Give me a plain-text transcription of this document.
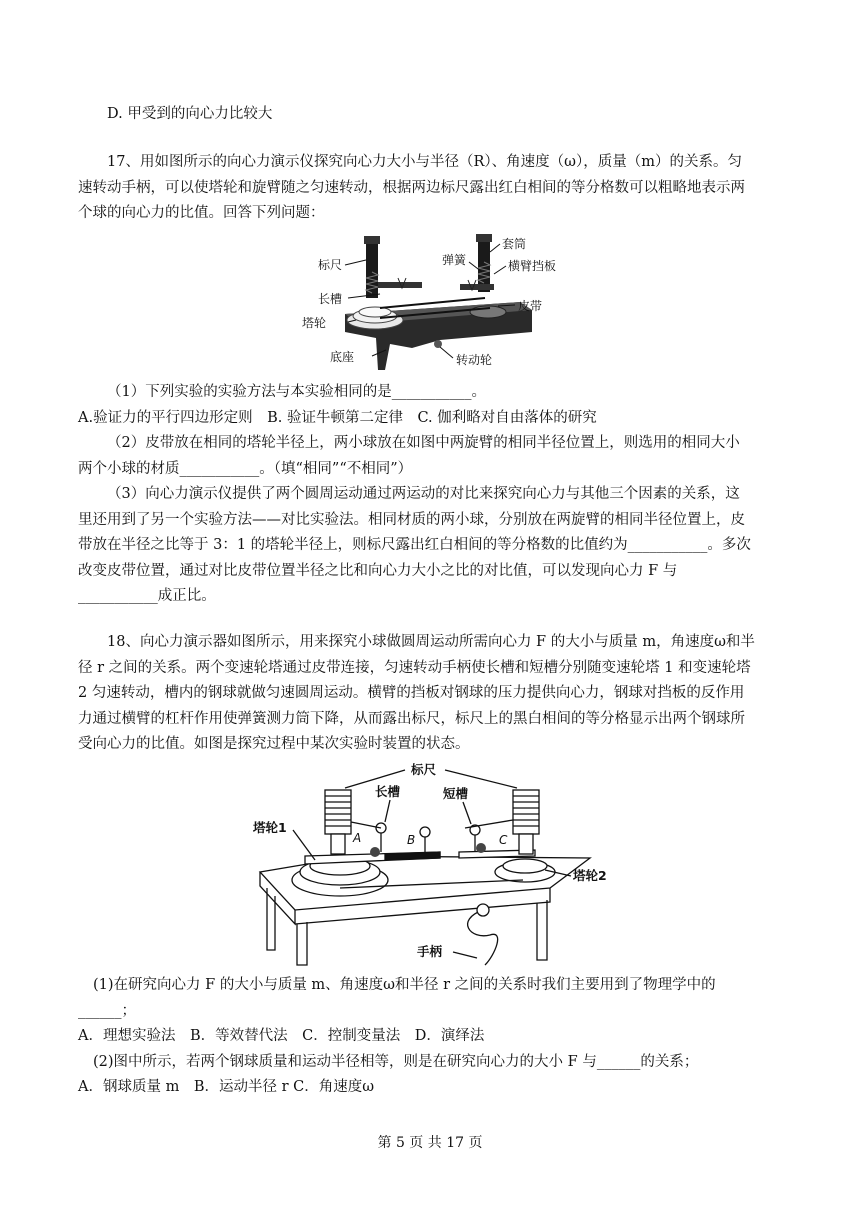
D. 甲受到的向心力比较大
17、用如图所示的向心力演示仪探究向心力大小与半径（R）、角速度（ω），质量（m）的关系。匀
速转动手柄，可以使塔轮和旋臂随之匀速转动，根据两边标尺露出红白相间的等分格数可以粗略地表示两
个球的向心力的比值。回答下列问题：
标尺
长槽
塔轮
底座
弹簧
套筒
横臂挡板
皮带
转动轮
（1）下列实验的实验方法与本实验相同的是___________。
A.验证力的平行四边形定则　B. 验证牛顿第二定律　C. 伽利略对自由落体的研究
（2）皮带放在相同的塔轮半径上，两小球放在如图中两旋臂的相同半径位置上，则选用的相同大小
两个小球的材质___________。（填“相同”“不相同”）
（3）向心力演示仪提供了两个圆周运动通过两运动的对比来探究向心力与其他三个因素的关系，这
里还用到了另一个实验方法——对比实验法。相同材质的两小球，分别放在两旋臂的相同半径位置上，皮
带放在半径之比等于 3：1 的塔轮半径上，则标尺露出红白相间的等分格数的比值约为___________。多次
改变皮带位置，通过对比皮带位置半径之比和向心力大小之比的对比值，可以发现向心力 F 与
___________成正比。
18、向心力演示器如图所示，用来探究小球做圆周运动所需向心力 F 的大小与质量 m，角速度ω和半
径 r 之间的关系。两个变速轮塔通过皮带连接，匀速转动手柄使长槽和短槽分别随变速轮塔 1 和变速轮塔
2 匀速转动，槽内的钢球就做匀速圆周运动。横臂的挡板对钢球的压力提供向心力，钢球对挡板的反作用
力通过横臂的杠杆作用使弹簧测力筒下降，从而露出标尺，标尺上的黑白相间的等分格显示出两个钢球所
受向心力的比值。如图是探究过程中某次实验时装置的状态。
标尺
长槽	短槽
塔轮1
塔轮2
手柄
A	B	C
(1)在研究向心力 F 的大小与质量 m、角速度ω和半径 r 之间的关系时我们主要用到了物理学中的
______；
A．理想实验法　B．等效替代法　C．控制变量法　D．演绎法
(2)图中所示，若两个钢球质量和运动半径相等，则是在研究向心力的大小 F 与______的关系；
A．钢球质量 m　B．运动半径 r C．角速度ω
第 5 页 共 17 页
